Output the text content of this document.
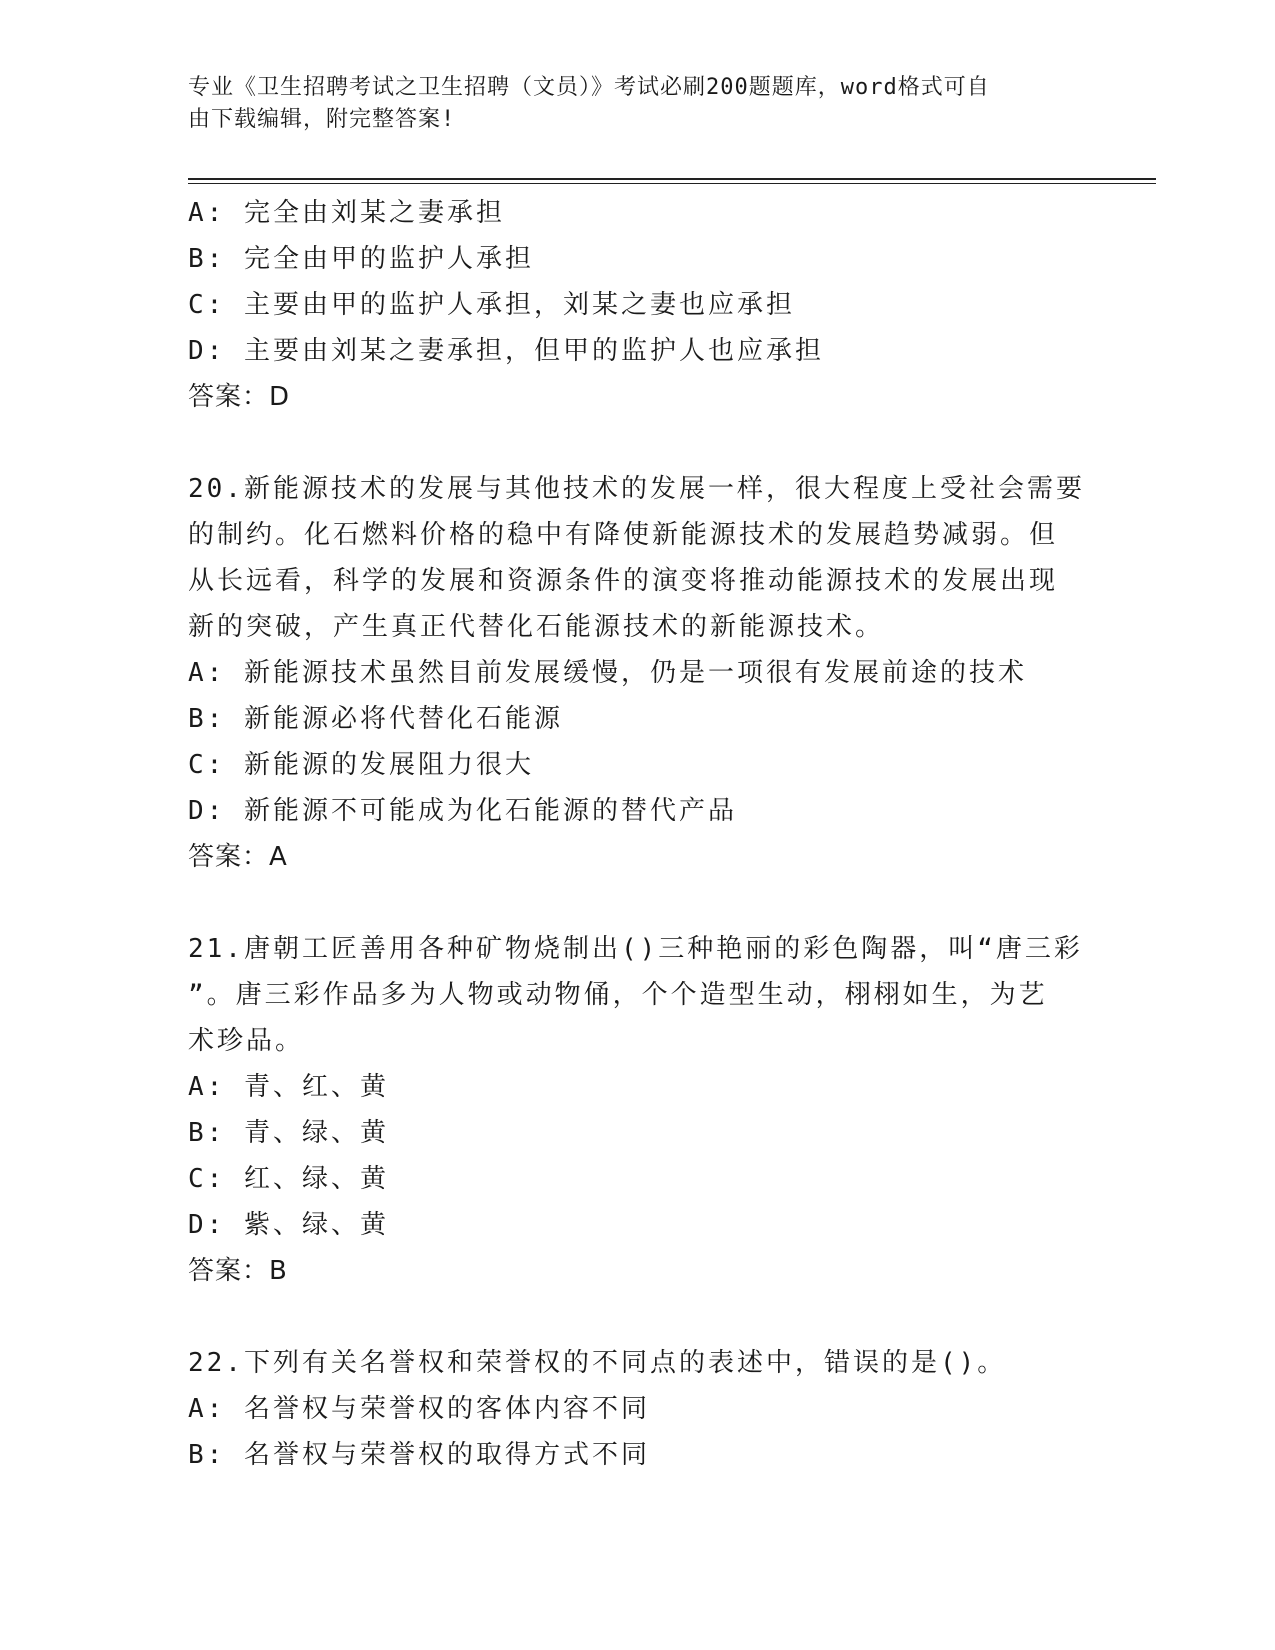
专业《卫生招聘考试之卫生招聘（文员）》考试必刷200题题库，word格式可自
由下载编辑，附完整答案!
A: 完全由刘某之妻承担
B: 完全由甲的监护人承担
C: 主要由甲的监护人承担，刘某之妻也应承担
D: 主要由刘某之妻承担，但甲的监护人也应承担
答案：D
20.新能源技术的发展与其他技术的发展一样，很大程度上受社会需要
的制约。化石燃料价格的稳中有降使新能源技术的发展趋势减弱。但
从长远看，科学的发展和资源条件的演变将推动能源技术的发展出现
新的突破，产生真正代替化石能源技术的新能源技术。
A: 新能源技术虽然目前发展缓慢，仍是一项很有发展前途的技术
B: 新能源必将代替化石能源
C: 新能源的发展阻力很大
D: 新能源不可能成为化石能源的替代产品
答案：A
21.唐朝工匠善用各种矿物烧制出()三种艳丽的彩色陶器，叫“唐三彩
”。唐三彩作品多为人物或动物俑，个个造型生动，栩栩如生，为艺
术珍品。
A: 青、红、黄
B: 青、绿、黄
C: 红、绿、黄
D: 紫、绿、黄
答案：B
22.下列有关名誉权和荣誉权的不同点的表述中，错误的是()。
A: 名誉权与荣誉权的客体内容不同
B: 名誉权与荣誉权的取得方式不同
